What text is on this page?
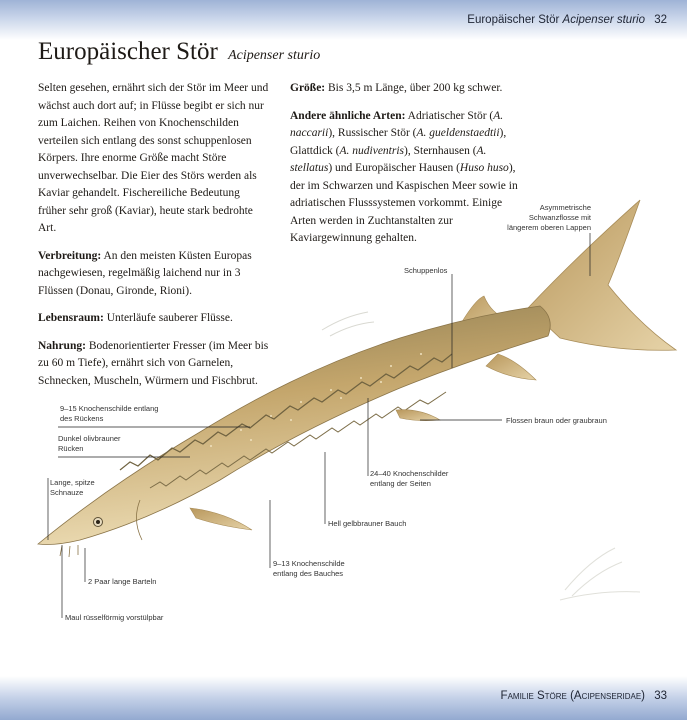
Europäischer Stör Acipenser sturio 32
Europäischer Stör Acipenser sturio

Selten gesehen, ernährt sich der Stör im Meer und wächst auch dort auf; in Flüsse begibt er sich nur zum Laichen. Reihen von Knochenschilden verteilen sich entlang des sonst schuppenlosen Körpers. Ihre enorme Größe macht Störe unverwechselbar. Die Eier des Störs werden als Kaviar gehandelt. Fischereiliche Bedeutung früher sehr groß (Kaviar), heute stark bedrohte Art.

Verbreitung: An den meisten Küsten Europas nachgewiesen, regelmäßig laichend nur in 3 Flüssen (Donau, Gironde, Rioni).

Lebensraum: Unterläufe sauberer Flüsse.

Nahrung: Bodenorientierter Fresser (im Meer bis zu 60 m Tiefe), ernährt sich von Garnelen, Schnecken, Muscheln, Würmern und Fischbrut.

Größe: Bis 3,5 m Länge, über 200 kg schwer.

Andere ähnliche Arten: Adriatischer Stör (A. naccarii), Russischer Stör (A. gueldenstaedtii), Glattdick (A. nudiventris), Sternhausen (A. stellatus) und Europäischer Hausen (Huso huso), der im Schwarzen und Kaspischen Meer sowie in adriatischen Flusssystemen vorkommt. Einige Arten werden in Zuchtanstalten zur Kaviargewinnung gehalten.

Asymmetrische Schwanzflosse mit längerem oberen Lappen
Schuppenlos
9–15 Knochenschilde entlang des Rückens
Dunkel olivbrauner Rücken
Flossen braun oder graubraun
Lange, spitze Schnauze
24–40 Knochenschilder entlang der Seiten
Hell gelbbrauner Bauch
9–13 Knochenschilde entlang des Bauches
2 Paar lange Barteln
Maul rüsselförmig vorstülpbar
Familie Störe (Acipenseridae) 33
